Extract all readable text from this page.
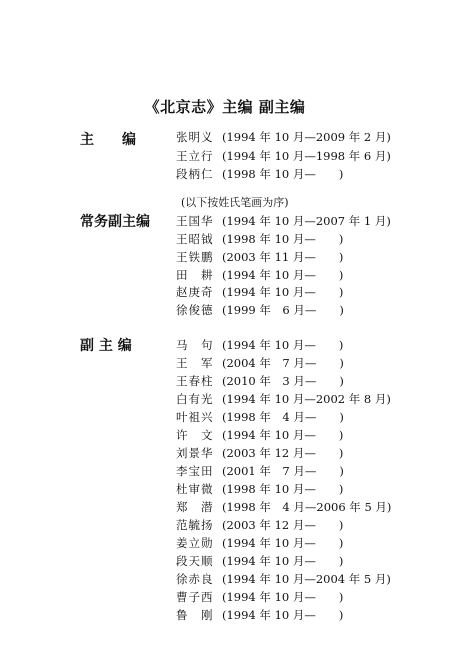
《北京志》主编 副主编
主　　编	张明义 (1994 年 10 月—2009 年 2 月)
王立行 (1994 年 10 月—1998 年 6 月)
段柄仁 (1998 年 10 月—　　)
(以下按姓氏笔画为序)
常务副主编 王国华 (1994 年 10 月—2007 年 1 月)
王昭钺 (1998 年 10 月—　　)
王铁鹏 (2003 年 11 月—　　)
田　耕 (1994 年 10 月—　　)
赵庚奇 (1994 年 10 月—　　)
徐俊德 (1999 年　6 月—　　)
副 主 编	马　句 (1994 年 10 月—　　)
王　军 (2004 年　7 月—　　)
王春柱 (2010 年　3 月—　　)
白有光 (1994 年 10 月—2002 年 8 月)
叶祖兴 (1998 年　4 月—　　)
许　文 (1994 年 10 月—　　)
刘景华 (2003 年 12 月—　　)
李宝田 (2001 年　7 月—　　)
杜审微 (1998 年 10 月—　　)
郑　潜 (1998 年　4 月—2006 年 5 月)
范毓扬 (2003 年 12 月—　　)
姜立勋 (1994 年 10 月—　　)
段天顺 (1994 年 10 月—　　)
徐赤良 (1994 年 10 月—2004 年 5 月)
曹子西 (1994 年 10 月—　　)
鲁　刚 (1994 年 10 月—　　)
